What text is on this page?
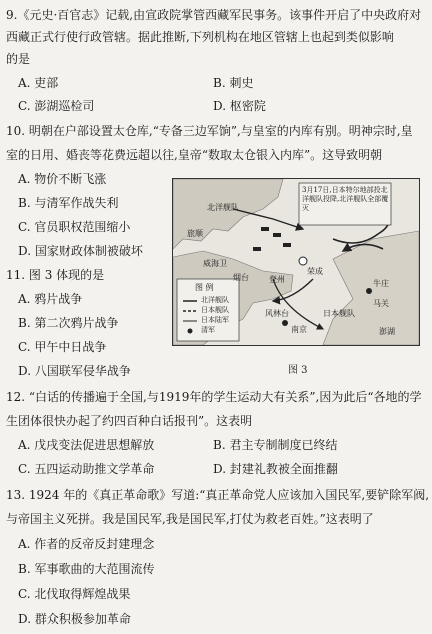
9.《元史·百官志》记载,由宣政院掌管西藏军民事务。该事件开启了中央政府对
西藏正式行使行政管辖。据此推断,下列机构在地区管辖上也起到类似影响
的是
A. 吏部	B. 刺史
C. 澎湖巡检司	D. 枢密院
10. 明朝在户部设置太仓库,“专备三边军饷”,与皇室的内库有别。明神宗时,皇
室的日用、婚丧等花费远超以往,皇帝“数取太仓银入内库”。这导致明朝
A. 物价不断飞涨
B. 与清军作战失利
C. 官员职权范围缩小
D. 国家财政体制被破坏
11. 图 3 体现的是
A. 鸦片战争
B. 第二次鸦片战争
C. 甲午中日战争
D. 八国联军侵华战争
北洋舰队
旅顺
威海卫
烟台
荣成
登州
日本舰队
牛庄
马关
风林台
南京	澎湖
3月17日,日本特尔地部投北洋舰队投降,北洋舰队全部覆灭
图 例
北洋舰队
日本舰队
日本陆军
清军
图 3
12. “白话的传播遍于全国,与1919年的学生运动大有关系”,因为此后“各地的学
生团体很快办起了约四百种白话报刊”。这表明
A. 戊戌变法促进思想解放	B. 君主专制制度已终结
C. 五四运动助推文学革命	D. 封建礼教被全面推翻
13. 1924 年的《真正革命歌》写道:“真正革命党人应该加入国民军,要铲除军阀,
与帝国主义死拼。我是国民军,我是国民军,打仗为救老百姓。”这表明了
A. 作者的反帝反封建理念
B. 军事歌曲的大范围流传
C. 北伐取得辉煌战果
D. 群众积极参加革命
